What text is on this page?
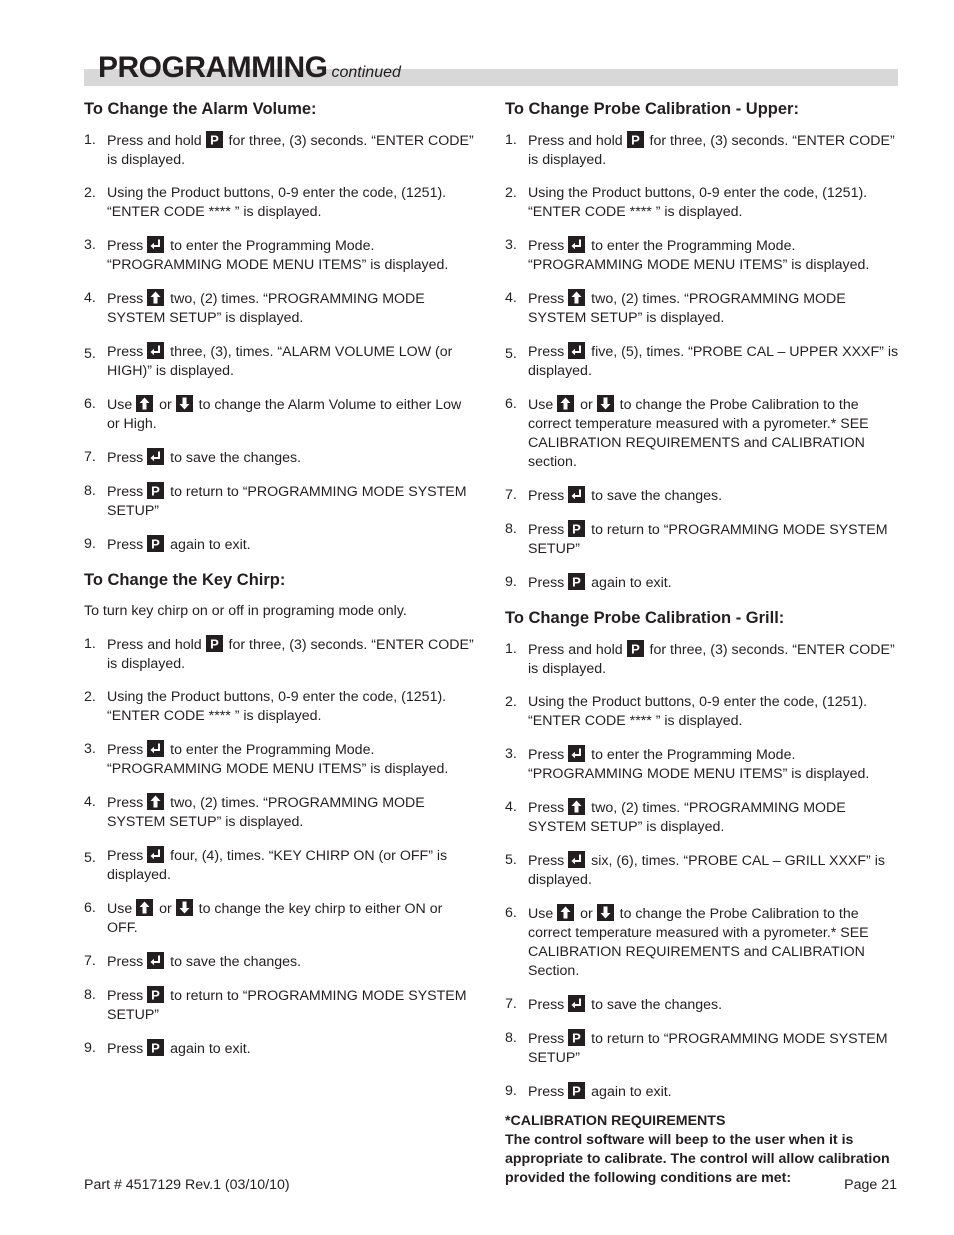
PROGRAMMING continued
To Change the Alarm Volume:
1. Press and hold P for three, (3) seconds. “ENTER CODE” is displayed.
2. Using the Product buttons, 0-9 enter the code, (1251). “ENTER CODE **** ” is displayed.
3. Press
to enter the Programming Mode. “PROGRAMMING MODE MENU ITEMS” is displayed.
4. Press
two, (2) times. “PROGRAMMING MODE SYSTEM SETUP” is displayed.
5. Press
three, (3), times. “ALARM VOLUME LOW (or HIGH)” is displayed.
6. Use
or
to change the Alarm Volume to either Low or High.
7. Press
to save the changes.
8. Press P to return to “PROGRAMMING MODE SYSTEM SETUP”
9. Press P again to exit.
To Change the Key Chirp:

To turn key chirp on or off in programing mode only.

1. Press and hold P for three, (3) seconds. “ENTER CODE” is displayed.
2. Using the Product buttons, 0-9 enter the code, (1251). “ENTER CODE **** ” is displayed.
3. Press
to enter the Programming Mode. “PROGRAMMING MODE MENU ITEMS” is displayed.
4. Press
two, (2) times. “PROGRAMMING MODE SYSTEM SETUP” is displayed.
5. Press
four, (4), times. “KEY CHIRP ON (or OFF” is displayed.
6. Use
or
to change the key chirp to either ON or OFF.
7. Press
to save the changes.
8. Press P to return to “PROGRAMMING MODE SYSTEM SETUP”
9. Press P again to exit.
To Change Probe Calibration - Upper:
1. Press and hold P for three, (3) seconds. “ENTER CODE” is displayed.
2. Using the Product buttons, 0-9 enter the code, (1251). “ENTER CODE **** ” is displayed.
3. Press
to enter the Programming Mode. “PROGRAMMING MODE MENU ITEMS” is displayed.
4. Press
two, (2) times. “PROGRAMMING MODE SYSTEM SETUP” is displayed.
5. Press
five, (5), times. “PROBE CAL – UPPER XXXF” is displayed.
6. Use
or
to change the Probe Calibration to the correct temperature measured with a pyrometer.* SEE CALIBRATION REQUIREMENTS and CALIBRATION section.
7. Press
to save the changes.
8. Press P to return to “PROGRAMMING MODE SYSTEM SETUP”
9. Press P again to exit.
To Change Probe Calibration - Grill:
1. Press and hold P for three, (3) seconds. “ENTER CODE” is displayed.
2. Using the Product buttons, 0-9 enter the code, (1251). “ENTER CODE **** ” is displayed.
3. Press
to enter the Programming Mode. “PROGRAMMING MODE MENU ITEMS” is displayed.
4. Press
two, (2) times. “PROGRAMMING MODE SYSTEM SETUP” is displayed.
5. Press
six, (6), times. “PROBE CAL – GRILL XXXF” is displayed.
6. Use
or
to change the Probe Calibration to the correct temperature measured with a pyrometer.* SEE CALIBRATION REQUIREMENTS and CALIBRATION Section.
7. Press
to save the changes.
8. Press P to return to “PROGRAMMING MODE SYSTEM SETUP”
9. Press P again to exit.
*CALIBRATION REQUIREMENTS
The control software will beep to the user when it is appropriate to calibrate. The control will allow calibration provided the following conditions are met:
Part # 4517129 Rev.1 (03/10/10)	Page 21
